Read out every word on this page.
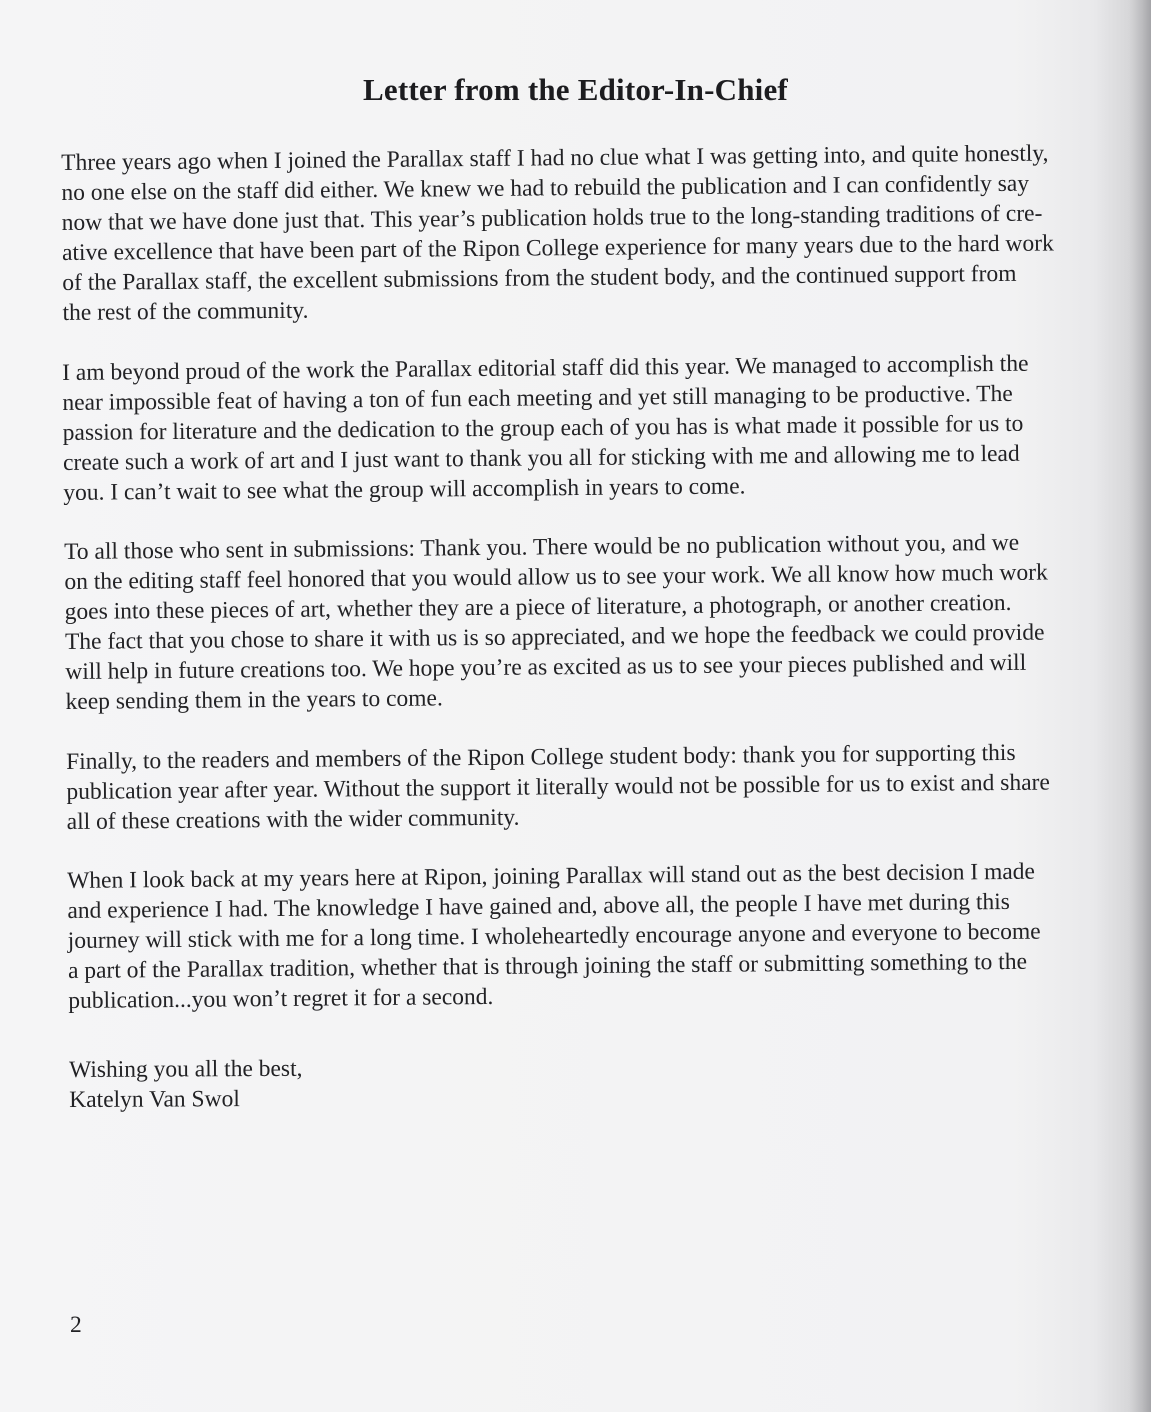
Letter from the Editor-In-Chief

Three years ago when I joined the Parallax staff I had no clue what I was getting into, and quite honestly,
no one else on the staff did either. We knew we had to rebuild the publication and I can confidently say
now that we have done just that. This year’s publication holds true to the long-standing traditions of cre-
ative excellence that have been part of the Ripon College experience for many years due to the hard work
of the Parallax staff, the excellent submissions from the student body, and the continued support from
the rest of the community.

I am beyond proud of the work the Parallax editorial staff did this year. We managed to accomplish the
near impossible feat of having a ton of fun each meeting and yet still managing to be productive. The
passion for literature and the dedication to the group each of you has is what made it possible for us to
create such a work of art and I just want to thank you all for sticking with me and allowing me to lead
you. I can’t wait to see what the group will accomplish in years to come.

To all those who sent in submissions: Thank you. There would be no publication without you, and we
on the editing staff feel honored that you would allow us to see your work. We all know how much work
goes into these pieces of art, whether they are a piece of literature, a photograph, or another creation.
The fact that you chose to share it with us is so appreciated, and we hope the feedback we could provide
will help in future creations too. We hope you’re as excited as us to see your pieces published and will
keep sending them in the years to come.

Finally, to the readers and members of the Ripon College student body: thank you for supporting this
publication year after year. Without the support it literally would not be possible for us to exist and share
all of these creations with the wider community.

When I look back at my years here at Ripon, joining Parallax will stand out as the best decision I made
and experience I had. The knowledge I have gained and, above all, the people I have met during this
journey will stick with me for a long time. I wholeheartedly encourage anyone and everyone to become
a part of the Parallax tradition, whether that is through joining the staff or submitting something to the
publication...you won’t regret it for a second.

Wishing you all the best,
Katelyn Van Swol
2
